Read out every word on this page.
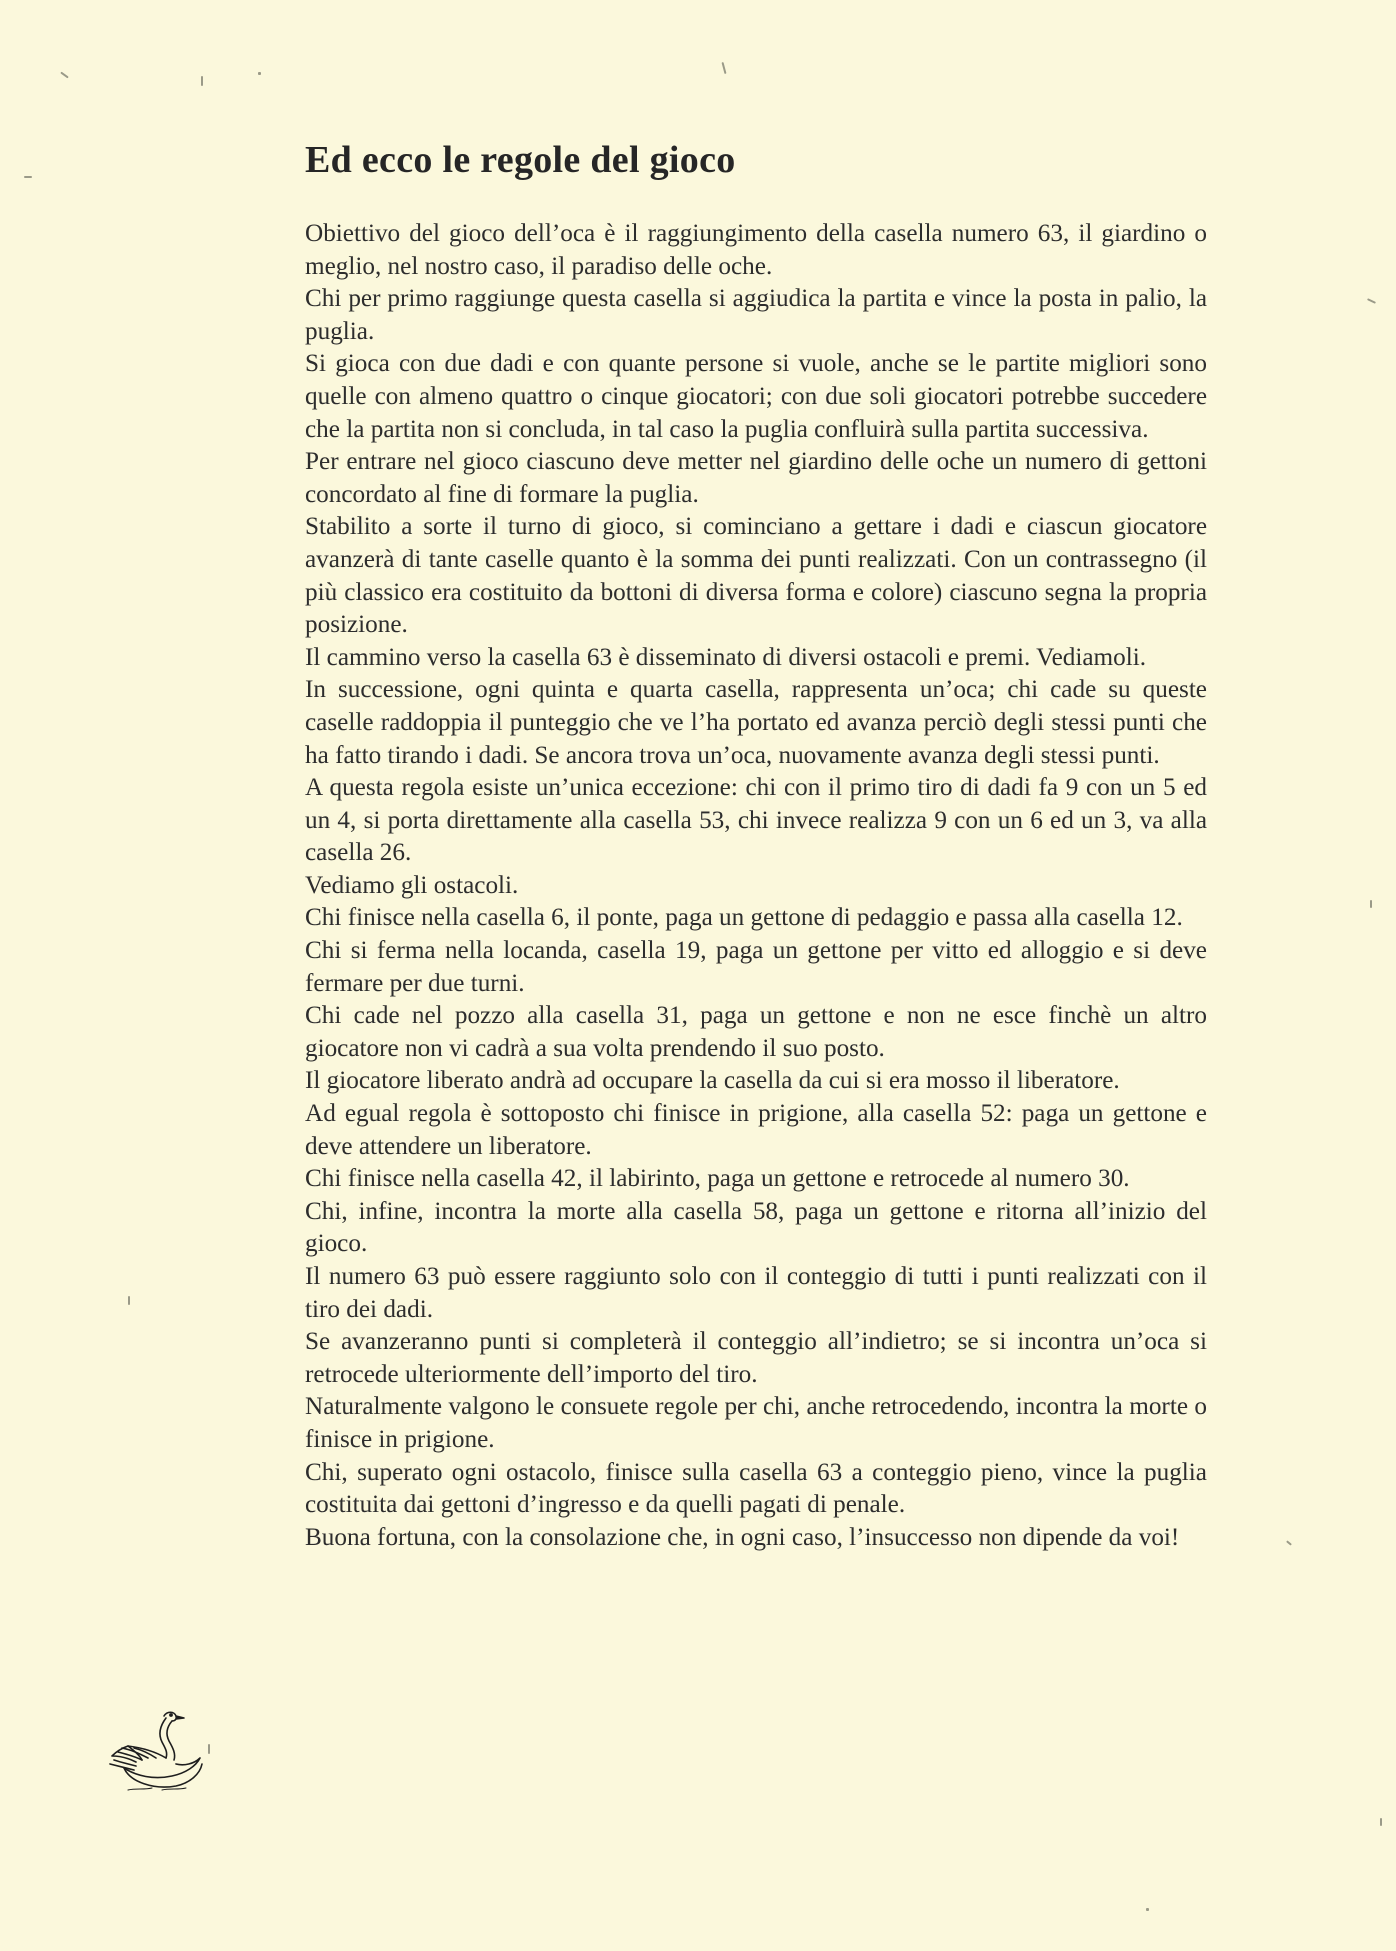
Ed ecco le regole del gioco

Obiettivo del gioco dell’oca è il raggiungimento della casella numero 63, il giardino o meglio, nel nostro caso, il paradiso delle oche.

Chi per primo raggiunge questa casella si aggiudica la partita e vince la posta in palio, la puglia.

Si gioca con due dadi e con quante persone si vuole, anche se le partite migliori sono quelle con almeno quattro o cinque giocatori; con due soli giocatori potrebbe succedere che la partita non si concluda, in tal caso la puglia confluirà sulla partita successiva.

Per entrare nel gioco ciascuno deve metter nel giardino delle oche un numero di gettoni concordato al fine di formare la puglia.

Stabilito a sorte il turno di gioco, si cominciano a gettare i dadi e ciascun giocatore avanzerà di tante caselle quanto è la somma dei punti realizzati. Con un contrassegno (il più classico era costituito da bottoni di diversa forma e colore) ciascuno segna la propria posizione.

Il cammino verso la casella 63 è disseminato di diversi ostacoli e premi. Vediamoli.

In successione, ogni quinta e quarta casella, rappresenta un’oca; chi cade su queste caselle raddoppia il punteggio che ve l’ha portato ed avanza perciò degli stessi punti che ha fatto tirando i dadi. Se ancora trova un’oca, nuovamente avanza degli stessi punti.

A questa regola esiste un’unica eccezione: chi con il primo tiro di dadi fa 9 con un 5 ed un 4, si porta direttamente alla casella 53, chi invece realizza 9 con un 6 ed un 3, va alla casella 26.

Vediamo gli ostacoli.

Chi finisce nella casella 6, il ponte, paga un gettone di pedaggio e passa alla casella 12.

Chi si ferma nella locanda, casella 19, paga un gettone per vitto ed alloggio e si deve fermare per due turni.

Chi cade nel pozzo alla casella 31, paga un gettone e non ne esce finchè un altro giocatore non vi cadrà a sua volta prendendo il suo posto.

Il giocatore liberato andrà ad occupare la casella da cui si era mosso il liberatore.

Ad egual regola è sottoposto chi finisce in prigione, alla casella 52: paga un gettone e deve attendere un liberatore.

Chi finisce nella casella 42, il labirinto, paga un gettone e retrocede al numero 30.

Chi, infine, incontra la morte alla casella 58, paga un gettone e ritorna all’inizio del gioco.

Il numero 63 può essere raggiunto solo con il conteggio di tutti i punti realizzati con il tiro dei dadi.

Se avanzeranno punti si completerà il conteggio all’indietro; se si incontra un’oca si retrocede ulteriormente dell’importo del tiro.

Naturalmente valgono le consuete regole per chi, anche retrocedendo, incontra la morte o finisce in prigione.

Chi, superato ogni ostacolo, finisce sulla casella 63 a conteggio pieno, vince la puglia costituita dai gettoni d’ingresso e da quelli pagati di penale.

Buona fortuna, con la consolazione che, in ogni caso, l’insuccesso non dipende da voi!
